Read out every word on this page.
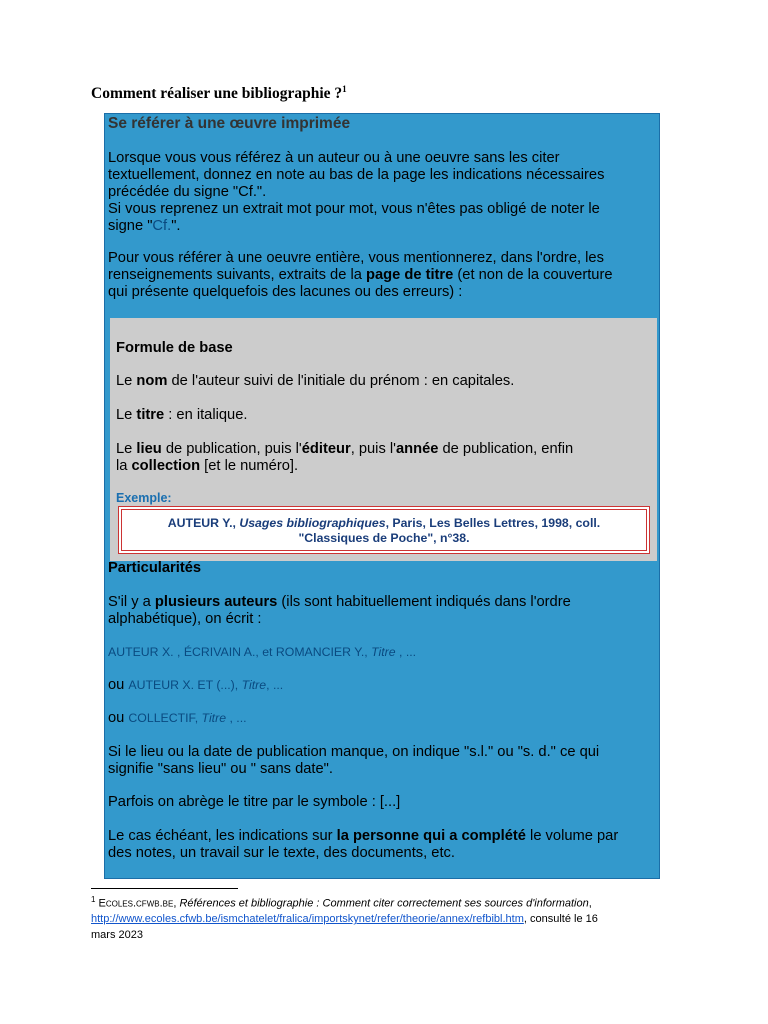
Comment réaliser une bibliographie ?$^1$
Se référer à une œuvre imprimée
Lorsque vous vous référez à un auteur ou à une oeuvre sans les citer
textuellement, donnez en note au bas de la page les indications nécessaires
précédée du signe "Cf.".
Si vous reprenez un extrait mot pour mot, vous n'êtes pas obligé de noter le
signe "Cf.".
Pour vous référer à une oeuvre entière, vous mentionnerez, dans l'ordre, les
renseignements suivants, extraits de la page de titre (et non de la couverture
qui présente quelquefois des lacunes ou des erreurs) :
Formule de base
Le nom de l'auteur suivi de l'initiale du prénom : en capitales.
Le titre : en italique.
Le lieu de publication, puis l'éditeur, puis l'année de publication, enfin
la collection [et le numéro].
Exemple:
AUTEUR Y., Usages bibliographiques, Paris, Les Belles Lettres, 1998, coll.
"Classiques de Poche", n°38.
Particularités
S'il y a plusieurs auteurs (ils sont habituellement indiqués dans l'ordre
alphabétique), on écrit :
AUTEUR X. , ÉCRIVAIN A., et ROMANCIER Y., Titre , ...
ou AUTEUR X. ET (...), Titre, ...
ou COLLECTIF, Titre , ...
Si le lieu ou la date de publication manque, on indique "s.l." ou "s. d." ce qui
signifie "sans lieu" ou " sans date".
Parfois on abrège le titre par le symbole : [...]
Le cas échéant, les indications sur la personne qui a complété le volume par
des notes, un travail sur le texte, des documents, etc.
$^1$ Ecoles.cfwb.be, Références et bibliographie : Comment citer correctement ses sources d'information,
http://www.ecoles.cfwb.be/ismchatelet/fralica/importskynet/refer/theorie/annex/refbibl.htm, consulté le 16
mars 2023
